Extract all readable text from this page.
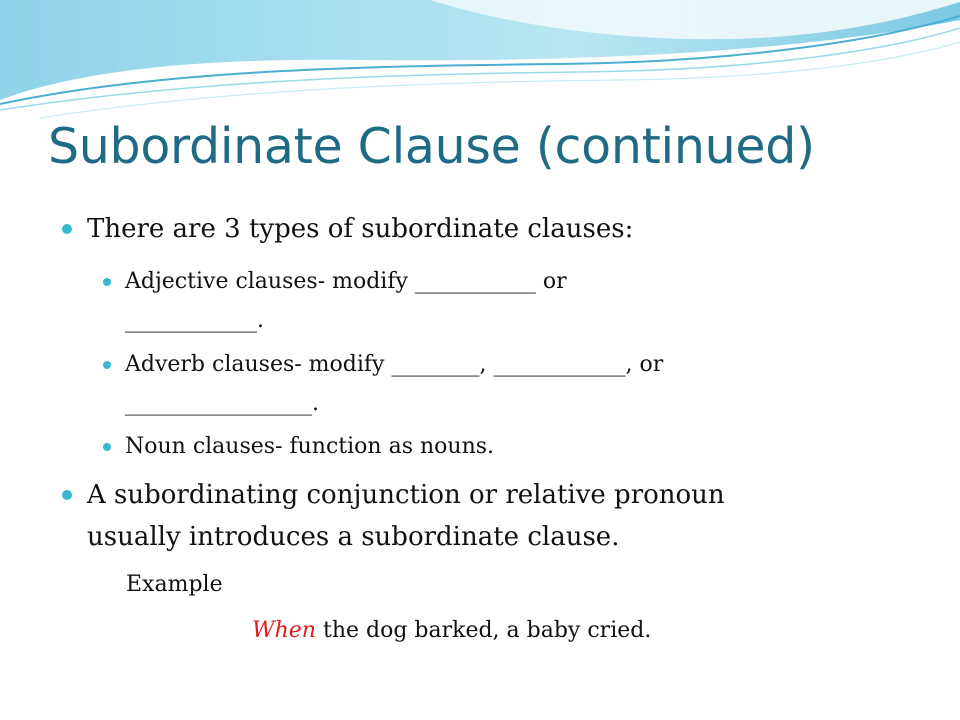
Subordinate Clause (continued)
There are 3 types of subordinate clauses:
Adjective clauses- modify ___________ or
____________.
Adverb clauses- modify ________, ____________, or
_________________.
Noun clauses- function as nouns.
A subordinating conjunction or relative pronoun
usually introduces a subordinate clause.
Example
When the dog barked, a baby cried.
